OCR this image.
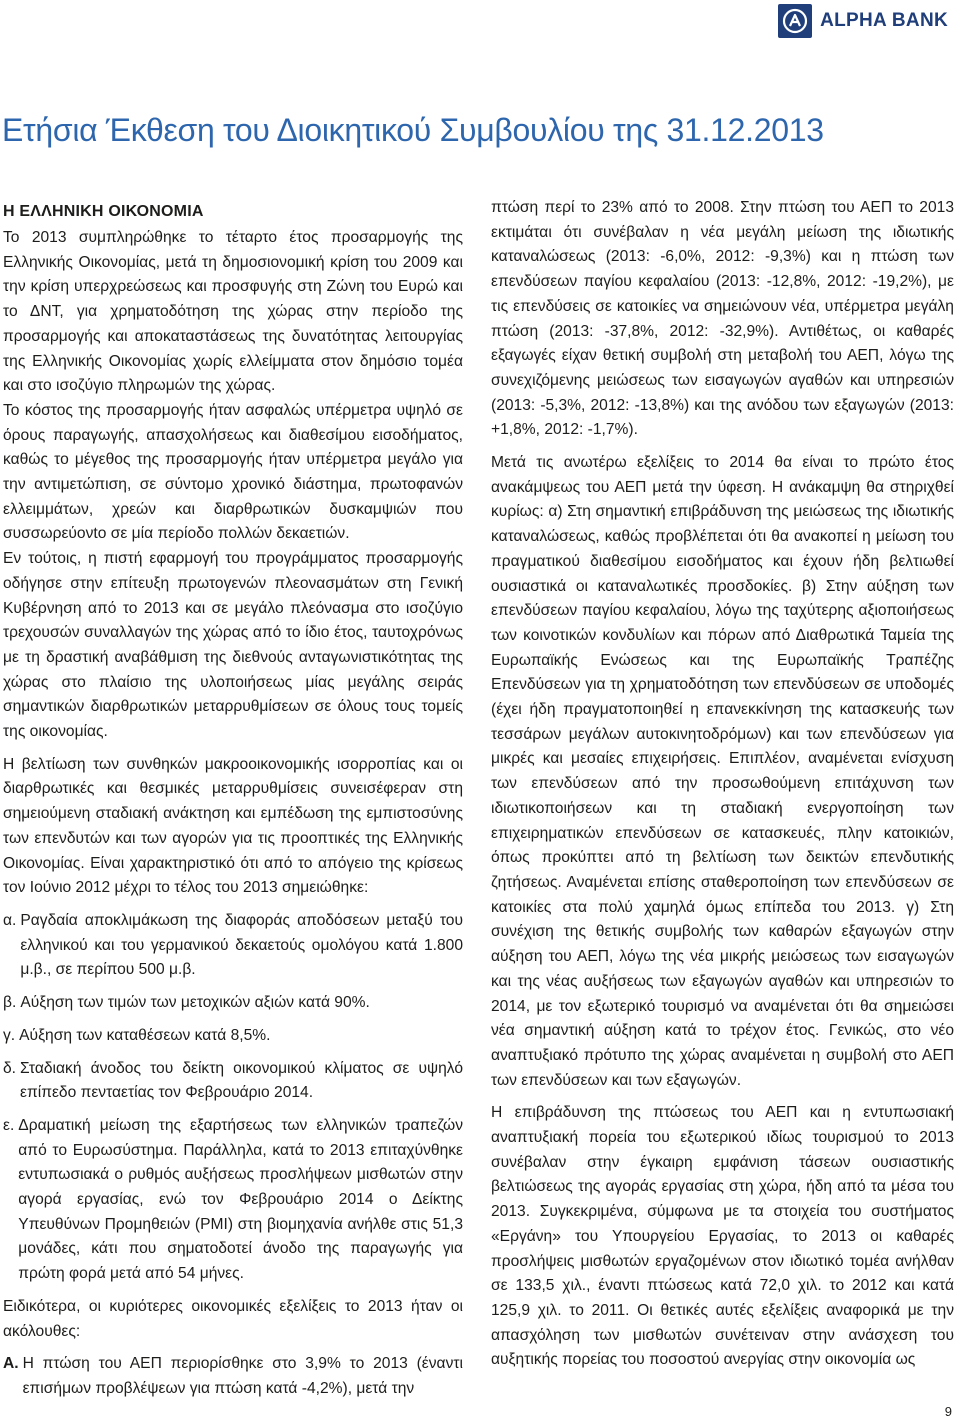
ALPHA BANK
Ετήσια Έκθεση του Διοικητικού Συμβουλίου της 31.12.2013
Η ΕΛΛΗΝΙΚΗ ΟΙΚΟΝΟΜΙΑ

Το 2013 συμπληρώθηκε το τέταρτο έτος προσαρμογής της Ελληνικής Οικονομίας, μετά τη δημοσιονομική κρίση του 2009 και την κρίση υπερχρεώσεως και προσφυγής στη Ζώνη του Ευρώ και το ΔΝΤ, για χρηματοδότηση της χώρας στην περίοδο της προσαρμογής και αποκαταστάσεως της δυνατότητας λειτουργίας της Ελληνικής Οικονομίας χωρίς ελλείμματα στον δημόσιο τομέα και στο ισοζύγιο πληρωμών της χώρας.

Το κόστος της προσαρμογής ήταν ασφαλώς υπέρμετρα υψηλό σε όρους παραγωγής, απασχολήσεως και διαθεσίμου εισοδήματος, καθώς το μέγεθος της προσαρμογής ήταν υπέρμετρα μεγάλο για την αντιμετώπιση, σε σύντομο χρονικό διάστημα, πρωτοφανών ελλειμμάτων, χρεών και διαρθρωτικών δυσκαμψιών που συσσωρεύονto σε μία περίοδο πολλών δεκαετιών.

Εν τούτοις, η πιστή εφαρμογή του προγράμματος προσαρμογής οδήγησε στην επίτευξη πρωτογενών πλεονασμάτων στη Γενική Κυβέρνηση από το 2013 και σε μεγάλο πλεόνασμα στο ισοζύγιο τρεχουσών συναλλαγών της χώρας από το ίδιο έτος, ταυτοχρόνως με τη δραστική αναβάθμιση της διεθνούς ανταγωνιστικότητας της χώρας στο πλαίσιο της υλοποιήσεως μίας μεγάλης σειράς σημαντικών διαρθρωτικών μεταρρυθμίσεων σε όλους τους τομείς της οικονομίας.

Η βελτίωση των συνθηκών μακροοικονομικής ισορροπίας και οι διαρθρωτικές και θεσμικές μεταρρυθμίσεις συνεισέφεραν στη σημειούμενη σταδιακή ανάκτηση και εμπέδωση της εμπιστοσύνης των επενδυτών και των αγορών για τις προοπτικές της Ελληνικής Οικονομίας. Είναι χαρακτηριστικό ότι από το απόγειο της κρίσεως τον Ιούνιο 2012 μέχρι το τέλος του 2013 σημειώθηκε:

α. Ραγδαία αποκλιμάκωση της διαφοράς αποδόσεων μεταξύ του ελληνικού και του γερμανικού δεκαετούς ομολόγου κατά 1.800 μ.β., σε περίπου 500 μ.β.
β. Αύξηση των τιμών των μετοχικών αξιών κατά 90%.
γ. Αύξηση των καταθέσεων κατά 8,5%.
δ. Σταδιακή άνοδος του δείκτη οικονομικού κλίματος σε υψηλό επίπεδο πενταετίας τον Φεβρουάριο 2014.
ε. Δραματική μείωση της εξαρτήσεως των ελληνικών τραπεζών από το Ευρωσύστημα. Παράλληλα, κατά το 2013 επιταχύνθηκε εντυπωσιακά ο ρυθμός αυξήσεως προσλήψεων μισθωτών στην αγορά εργασίας, ενώ τον Φεβρουάριο 2014 ο Δείκτης Υπευθύνων Προμηθειών (PMI) στη βιομηχανία ανήλθε στις 51,3 μονάδες, κάτι που σηματοδοτεί άνοδο της παραγωγής για πρώτη φορά μετά από 54 μήνες.

Ειδικότερα, οι κυριότερες οικονομικές εξελίξεις το 2013 ήταν οι ακόλουθες:

Α. Η πτώση του ΑΕΠ περιορίσθηκε στο 3,9% το 2013 (έναντι επισήμων προβλέψεων για πτώση κατά -4,2%), μετά την

πτώση περί το 23% από το 2008. Στην πτώση του ΑΕΠ το 2013 εκτιμάται ότι συνέβαλαν η νέα μεγάλη μείωση της ιδιωτικής καταναλώσεως (2013: -6,0%, 2012: -9,3%) και η πτώση των επενδύσεων παγίου κεφαλαίου (2013: -12,8%, 2012: -19,2%), με τις επενδύσεις σε κατοικίες να σημειώνουν νέα, υπέρμετρα μεγάλη πτώση (2013: -37,8%, 2012: -32,9%). Αντιθέτως, οι καθαρές εξαγωγές είχαν θετική συμβολή στη μεταβολή του ΑΕΠ, λόγω της συνεχιζόμενης μειώσεως των εισαγωγών αγαθών και υπηρεσιών (2013: -5,3%, 2012: -13,8%) και της ανόδου των εξαγωγών (2013: +1,8%, 2012: -1,7%).

Μετά τις ανωτέρω εξελίξεις το 2014 θα είναι το πρώτο έτος ανακάμψεως του ΑΕΠ μετά την ύφεση. Η ανάκαμψη θα στηριχθεί κυρίως: α) Στη σημαντική επιβράδυνση της μειώσεως της ιδιωτικής καταναλώσεως, καθώς προβλέπεται ότι θα ανακοπεί η μείωση του πραγματικού διαθεσίμου εισοδήματος και έχουν ήδη βελτιωθεί ουσιαστικά οι καταναλωτικές προσδοκίες. β) Στην αύξηση των επενδύσεων παγίου κεφαλαίου, λόγω της ταχύτερης αξιοποιήσεως των κοινοτικών κονδυλίων και πόρων από Διαθρωτικά Ταμεία της Ευρωπαϊκής Ενώσεως και της Ευρωπαϊκής Τραπέζης Επενδύσεων για τη χρηματοδότηση των επενδύσεων σε υποδομές (έχει ήδη πραγματοποιηθεί η επανεκκίνηση της κατασκευής των τεσσάρων μεγάλων αυτοκινητοδρόμων) και των επενδύσεων για μικρές και μεσαίες επιχειρήσεις. Επιπλέον, αναμένεται ενίσχυση των επενδύσεων από την προσωθούμενη επιτάχυνση των ιδιωτικοποιήσεων και τη σταδιακή ενεργοποίηση των επιχειρηματικών επενδύσεων σε κατασκευές, πλην κατοικιών, όπως προκύπτει από τη βελτίωση των δεικτών επενδυτικής ζητήσεως. Αναμένεται επίσης σταθεροποίηση των επενδύσεων σε κατοικίες στα πολύ χαμηλά όμως επίπεδα του 2013. γ) Στη συνέχιση της θετικής συμβολής των καθαρών εξαγωγών στην αύξηση του ΑΕΠ, λόγω της νέα μικρής μειώσεως των εισαγωγών και της νέας αυξήσεως των εξαγωγών αγαθών και υπηρεσιών το 2014, με τον εξωτερικό τουρισμό να αναμένεται ότι θα σημειώσει νέα σημαντική αύξηση κατά το τρέχον έτος. Γενικώς, στο νέο αναπτυξιακό πρότυπο της χώρας αναμένεται η συμβολή στο ΑΕΠ των επενδύσεων και των εξαγωγών.

Η επιβράδυνση της πτώσεως του ΑΕΠ και η εντυπωσιακή αναπτυξιακή πορεία του εξωτερικού ιδίως τουρισμού το 2013 συνέβαλαν στην έγκαιρη εμφάνιση τάσεων ουσιαστικής βελτιώσεως της αγοράς εργασίας στη χώρα, ήδη από τα μέσα του 2013. Συγκεκριμένα, σύμφωνα με τα στοιχεία του συστήματος «Εργάνη» του Υπουργείου Εργασίας, το 2013 οι καθαρές προσλήψεις μισθωτών εργαζομένων στον ιδιωτικό τομέα ανήλθαν σε 133,5 χιλ., έναντι πτώσεως κατά 72,0 χιλ. το 2012 και κατά 125,9 χιλ. το 2011. Οι θετικές αυτές εξελίξεις αναφορικά με την απασχόληση των μισθωτών συνέτειναν στην ανάσχεση του αυξητικής πορείας του ποσοστού ανεργίας στην οικονομία ως

9
